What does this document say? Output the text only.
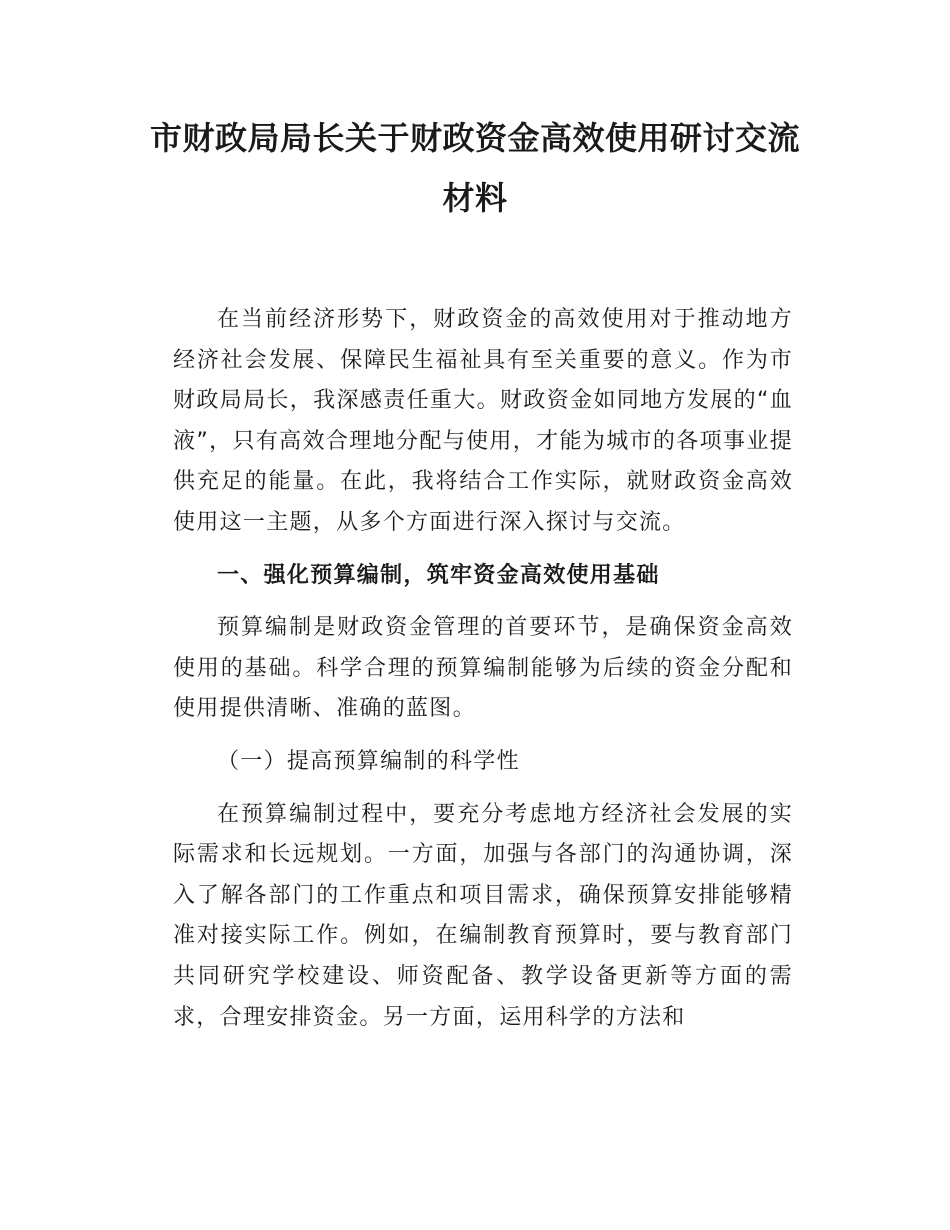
市财政局局长关于财政资金高效使用研讨交流材料

在当前经济形势下，财政资金的高效使用对于推动地方经济社会发展、保障民生福祉具有至关重要的意义。作为市财政局局长，我深感责任重大。财政资金如同地方发展的“血液”，只有高效合理地分配与使用，才能为城市的各项事业提供充足的能量。在此，我将结合工作实际，就财政资金高效使用这一主题，从多个方面进行深入探讨与交流。

一、强化预算编制，筑牢资金高效使用基础

预算编制是财政资金管理的首要环节，是确保资金高效使用的基础。科学合理的预算编制能够为后续的资金分配和使用提供清晰、准确的蓝图。

（一）提高预算编制的科学性

在预算编制过程中，要充分考虑地方经济社会发展的实际需求和长远规划。一方面，加强与各部门的沟通协调，深入了解各部门的工作重点和项目需求，确保预算安排能够精准对接实际工作。例如，在编制教育预算时，要与教育部门共同研究学校建设、师资配备、教学设备更新等方面的需求，合理安排资金。另一方面，运用科学的方法和
